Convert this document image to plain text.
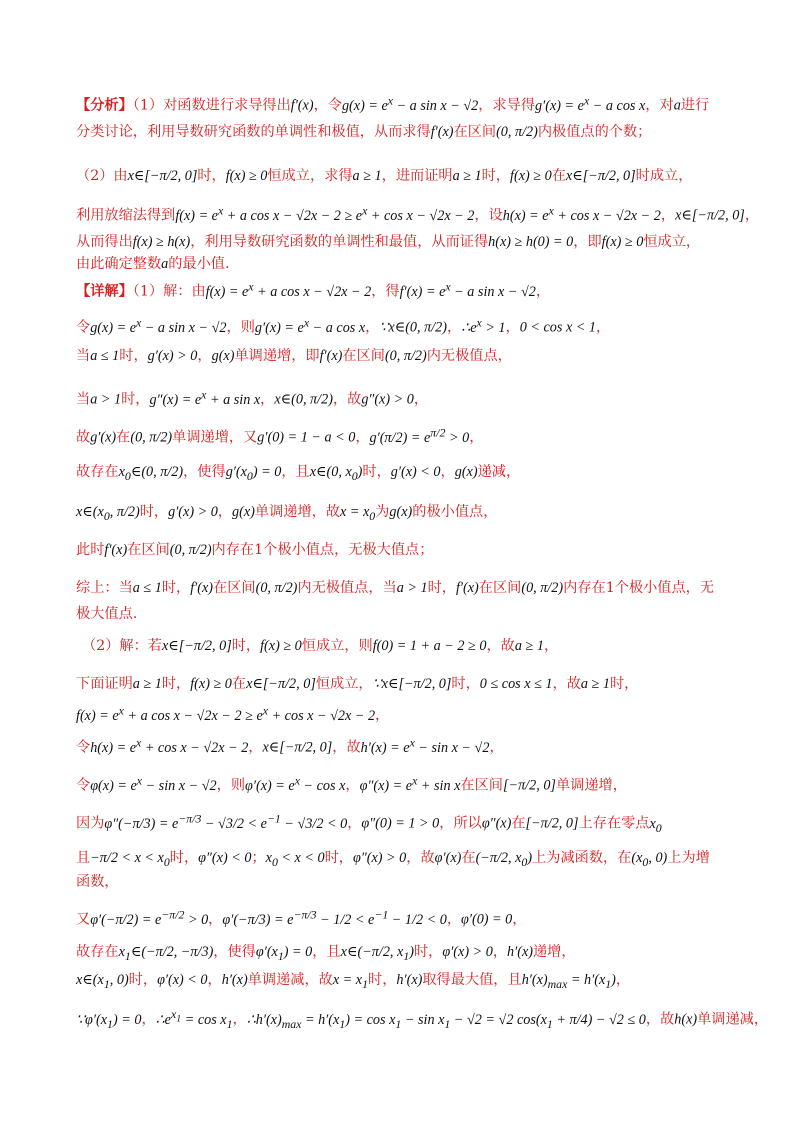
【分析】（1）对函数进行求导得出f′(x)，令$g(x) = e^x - a$ sin x − √2，求导得$g'(x) = e^x - a$ cos x，对a进行
分类讨论，利用导数研究函数的单调性和极值，从而求得f′(x)在区间(0, π/2)内极值点的个数；
（2）由x∈[−π/2, 0]时，f(x) ≥ 0恒成立，求得a ≥ 1，进而证明a ≥ 1时，f(x) ≥ 0在x∈[−π/2, 0]时成立，
利用放缩法得到$f(x) = e^x + a$ $\cos x - √2x - 2 \ge e^x + \cos x - √2x - 2$，设$h(x) = e^x + \cos x - √2x - 2$，x∈[−π/2, 0]，
从而得出f(x) ≥ h(x)，利用导数研究函数的单调性和最值，从而证得h(x) ≥ h(0) = 0，即f(x) ≥ 0恒成立，
由此确定整数a的最小值.
【详解】（1）解：由$f(x) = e^x + a$ cos x − √2x − 2，得$f'(x) = e^x - a$ sin x − √2，
令$g(x) = e^x - a$ sin x − √2，则$g'(x) = e^x - a$ cos x，∵x∈(0, π/2)，$\therefore e^x > 1$，0 < cos x < 1，
当a ≤ 1时，g′(x) > 0，g(x)单调递增，即f′(x)在区间(0, π/2)内无极值点，
当a > 1时，$g''(x) = e^x + a$ sin x，x∈(0, π/2)，故g″(x) > 0，
故g′(x)在(0, π/2)单调递增，又g′(0) = 1 − a < 0，$g'(\pi/2) = e^{\pi/2} > 0$，
故存在$x_0\in(0$, π/2)，使得$g'(x_0) = 0$，且x∈(0, $x_0$)时，g′(x) < 0，g(x)递减，
$x\in(x_0$, π/2)时，g′(x) > 0，g(x)单调递增，故$x = x_0$为g(x)的极小值点，
此时f′(x)在区间(0, π/2)内存在1个极小值点，无极大值点；
综上：当a ≤ 1时，f′(x)在区间(0, π/2)内无极值点，当a > 1时，f′(x)在区间(0, π/2)内存在1个极小值点，无
极大值点.
（2）解：若x∈[−π/2, 0]时，f(x) ≥ 0恒成立，则f(0) = 1 + a − 2 ≥ 0，故a ≥ 1，
下面证明a ≥ 1时，f(x) ≥ 0在x∈[−π/2, 0]恒成立，∵x∈[−π/2, 0]时，0 ≤ cos x ≤ 1，故a ≥ 1时，
$f(x) = e^x + a$ $\cos x - √2x - 2 \ge e^x + \cos x - √2x - 2$，
令$h(x) = e^x + \cos x - √2x - 2$，x∈[−π/2, 0]，故$h'(x) = e^x - \sin x - √2$，
令$\varphi(x) = e^x - \sin x - √2$，则$\varphi'(x) = e^x - \cos x$，$\varphi''(x) = e^x + \sin x$在区间[−π/2, 0]单调递增，
因为$\varphi''(-\pi/3) = e^{-\pi/3} - √3/2 < e^{-1} - √3/2 < 0$，φ″(0) = 1 > 0，所以φ″(x)在[−π/2, 0]上存在零点$x_0$
且$-\pi/2 < x < x_0$时，φ″(x) < 0；$x_0 < x < 0$时，φ″(x) > 0，故φ′(x)在(−π/2, $x_0$)上为减函数，在($x_0$, 0)上为增
函数，
又$\varphi'(-\pi/2) = e^{-\pi/2} > 0$，$\varphi'(-\pi/3) = e^{-\pi/3} - 1/2 < e^{-1} - 1/2 < 0$，φ′(0) = 0，
故存在$x_1\in(-\pi/2$, −π/3)，使得$\varphi'(x_1) = 0$，且x∈(−π/2, $x_1$)时，φ′(x) > 0，h′(x)递增，
$x\in(x_1$, 0)时，φ′(x) < 0，h′(x)单调递减，故$x = x_1$时，h′(x)取得最大值，且$h'(x)_{max} = h'(x_1)$，
$\because\varphi'(x_1) = 0$，$\therefore e^{x_1} = \cos x_1$，$\therefore h'(x)_{max} = h'(x_1) = \cos x_1 - \sin x_1 - √2 = √2$ $\cos(x_1 + \pi/4) - √2 \le 0$，故h(x)单调递减，
